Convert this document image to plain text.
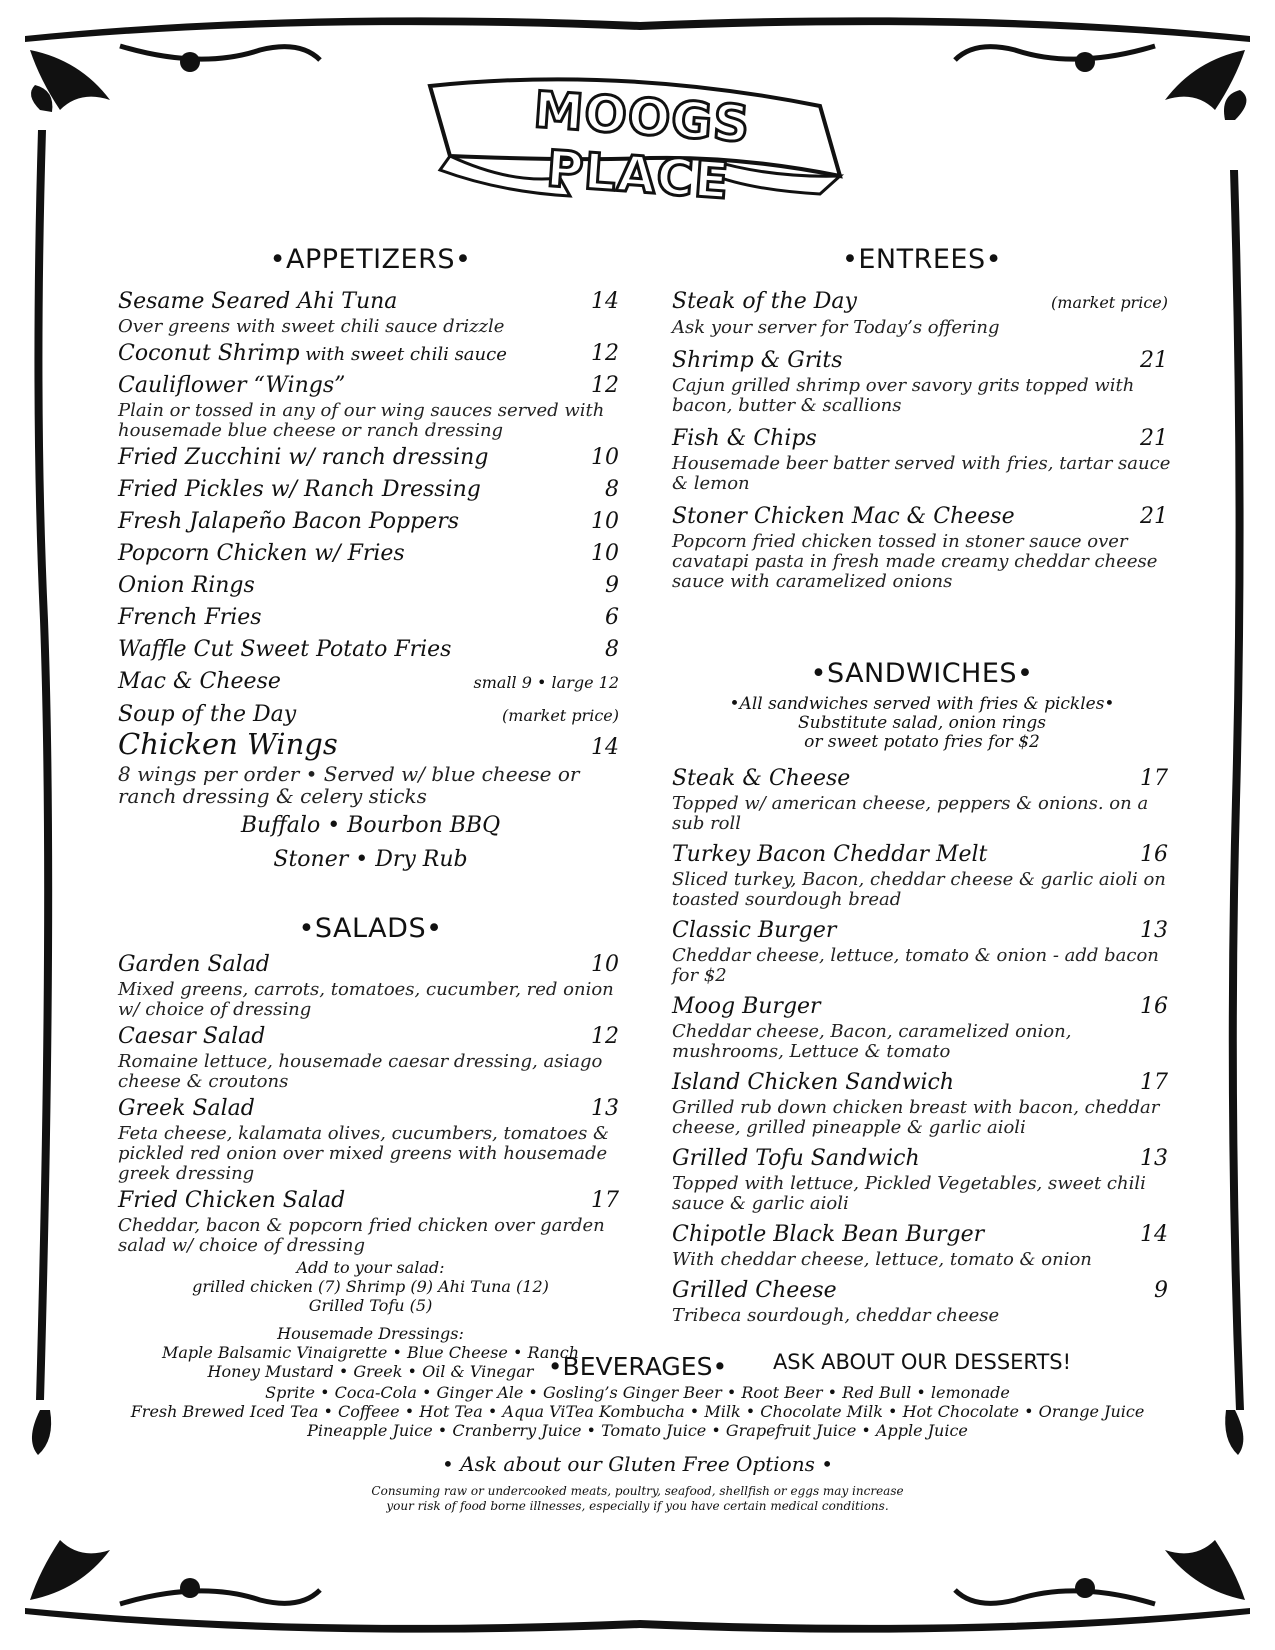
MOOGS PLACE
•APPETIZERS•
Sesame Seared Ahi Tuna	14
Over greens with sweet chili sauce drizzle
Coconut Shrimp with sweet chili sauce	12
Cauliflower “Wings”	12
Plain or tossed in any of our wing sauces served with housemade blue cheese or ranch dressing
Fried Zucchini w/ ranch dressing	10
Fried Pickles w/ Ranch Dressing	8
Fresh Jalapeño Bacon Poppers	10
Popcorn Chicken w/ Fries	10
Onion Rings	9
French Fries	6
Waffle Cut Sweet Potato Fries	8
Mac & Cheese	small 9 • large 12
Soup of the Day	(market price)
Chicken Wings	14
8 wings per order • Served w/ blue cheese or ranch dressing & celery sticks
Buffalo • Bourbon BBQ
Stoner • Dry Rub
•SALADS•
Garden Salad	10
Mixed greens, carrots, tomatoes, cucumber, red onion w/ choice of dressing
Caesar Salad	12
Romaine lettuce, housemade caesar dressing, asiago cheese & croutons
Greek Salad	13
Feta cheese, kalamata olives, cucumbers, tomatoes & pickled red onion over mixed greens with housemade greek dressing
Fried Chicken Salad	17
Cheddar, bacon & popcorn fried chicken over garden salad w/ choice of dressing
Add to your salad:
grilled chicken (7) Shrimp (9) Ahi Tuna (12)
Grilled Tofu (5)
Housemade Dressings:
Maple Balsamic Vinaigrette • Blue Cheese • Ranch
Honey Mustard • Greek • Oil & Vinegar
•ENTREES•
Steak of the Day	(market price)
Ask your server for Today’s offering
Shrimp & Grits	21
Cajun grilled shrimp over savory grits topped with bacon, butter & scallions
Fish & Chips	21
Housemade beer batter served with fries, tartar sauce & lemon
Stoner Chicken Mac & Cheese	21
Popcorn fried chicken tossed in stoner sauce over cavatapi pasta in fresh made creamy cheddar cheese sauce with caramelized onions
•SANDWICHES•
•All sandwiches served with fries & pickles•
Substitute salad, onion rings
or sweet potato fries for $2
Steak & Cheese	17
Topped w/ american cheese, peppers & onions. on a sub roll
Turkey Bacon Cheddar Melt	16
Sliced turkey, Bacon, cheddar cheese & garlic aioli on toasted sourdough bread
Classic Burger	13
Cheddar cheese, lettuce, tomato & onion - add bacon for $2
Moog Burger	16
Cheddar cheese, Bacon, caramelized onion, mushrooms, Lettuce & tomato
Island Chicken Sandwich	17
Grilled rub down chicken breast with bacon, cheddar cheese, grilled pineapple & garlic aioli
Grilled Tofu Sandwich	13
Topped with lettuce, Pickled Vegetables, sweet chili sauce & garlic aioli
Chipotle Black Bean Burger	14
With cheddar cheese, lettuce, tomato & onion
Grilled Cheese	9
Tribeca sourdough, cheddar cheese
ASK ABOUT OUR DESSERTS!
•BEVERAGES•
Sprite • Coca-Cola • Ginger Ale • Gosling’s Ginger Beer • Root Beer • Red Bull • lemonade
Fresh Brewed Iced Tea • Coffeee • Hot Tea • Aqua ViTea Kombucha • Milk • Chocolate Milk • Hot Chocolate • Orange Juice
Pineapple Juice • Cranberry Juice • Tomato Juice • Grapefruit Juice • Apple Juice
• Ask about our Gluten Free Options •
Consuming raw or undercooked meats, poultry, seafood, shellfish or eggs may increase
your risk of food borne illnesses, especially if you have certain medical conditions.
